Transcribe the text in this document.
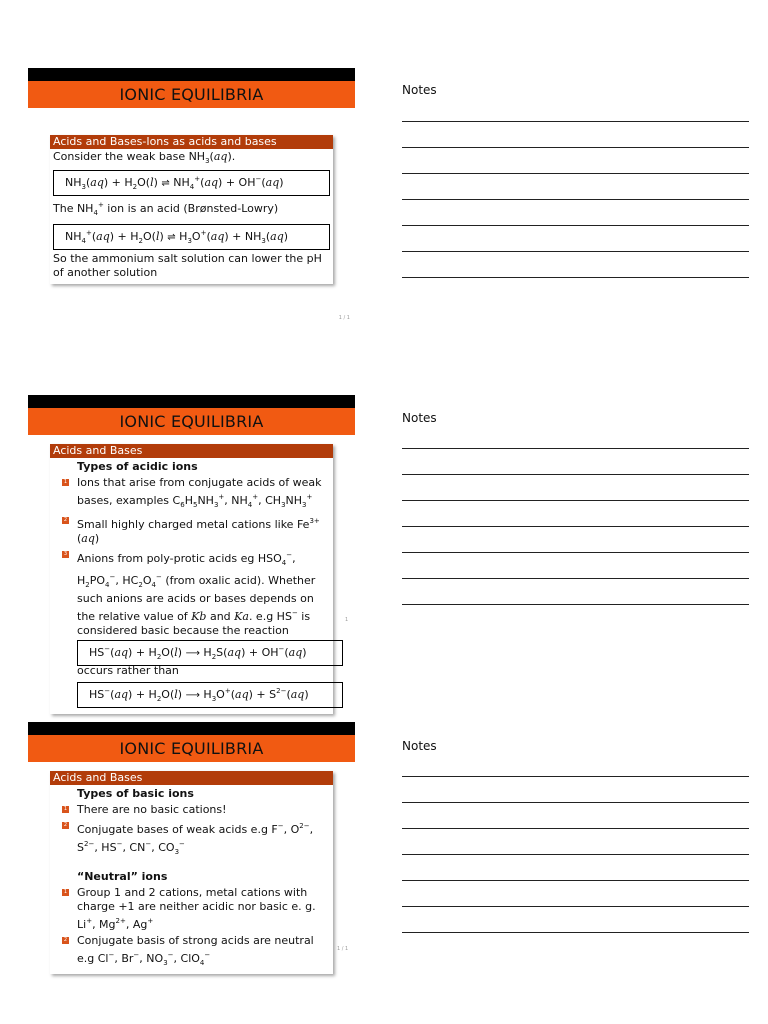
IONIC EQUILIBRIA
Acids and Bases-Ions as acids and bases
Consider the weak base $NH_3(aq)$.
$NH_3(aq) + H_2O(l)$ ⇌ $NH_4^+(aq) + OH^-(aq)$
The $NH_4^+$ ion is an acid (Brønsted-Lowry)
$NH_4^+(aq) + H_2O(l)$ ⇌ $H_3O^+(aq) + NH_3(aq)$
So the ammonium salt solution can lower the pH of another solution
1 / 1
Notes
IONIC EQUILIBRIA
Acids and Bases
Types of acidic ions
1 Ions that arise from conjugate acids of weak bases, examples $C_6H_5NH_3^+$, $NH_4^+$, $CH_3NH_3^+$
2 Small highly charged metal cations like $Fe^{3+}(aq)$
3 Anions from poly-protic acids eg $HSO_4^-$, $H_2PO_4^-$, $HC_2O_4^-$ (from oxalic acid). Whether such anions are acids or bases depends on the relative value of Kb and Ka. e.g HS− is considered basic because the reaction
$HS^-(aq) + H_2O(l)$ ⟶ $H_2S(aq) + OH^-(aq)$
occurs rather than
$HS^-(aq) + H_2O(l)$ ⟶ $H_3O^+(aq) + S^{2-}(aq)$
1
Notes
IONIC EQUILIBRIA
Acids and Bases
Types of basic ions
1 There are no basic cations!
2 Conjugate bases of weak acids e.g F−, $O^{2-}$, $S^{2-}$, HS−, CN−, $CO_3^-$
“Neutral” ions
1 Group 1 and 2 cations, metal cations with charge +1 are neither acidic nor basic e. g. Li+, $Mg^{2+}$, Ag+
2 Conjugate basis of strong acids are neutral e.g Cl−, Br−, $NO_3^-$, ClO$_4$−
1 / 1
Notes
